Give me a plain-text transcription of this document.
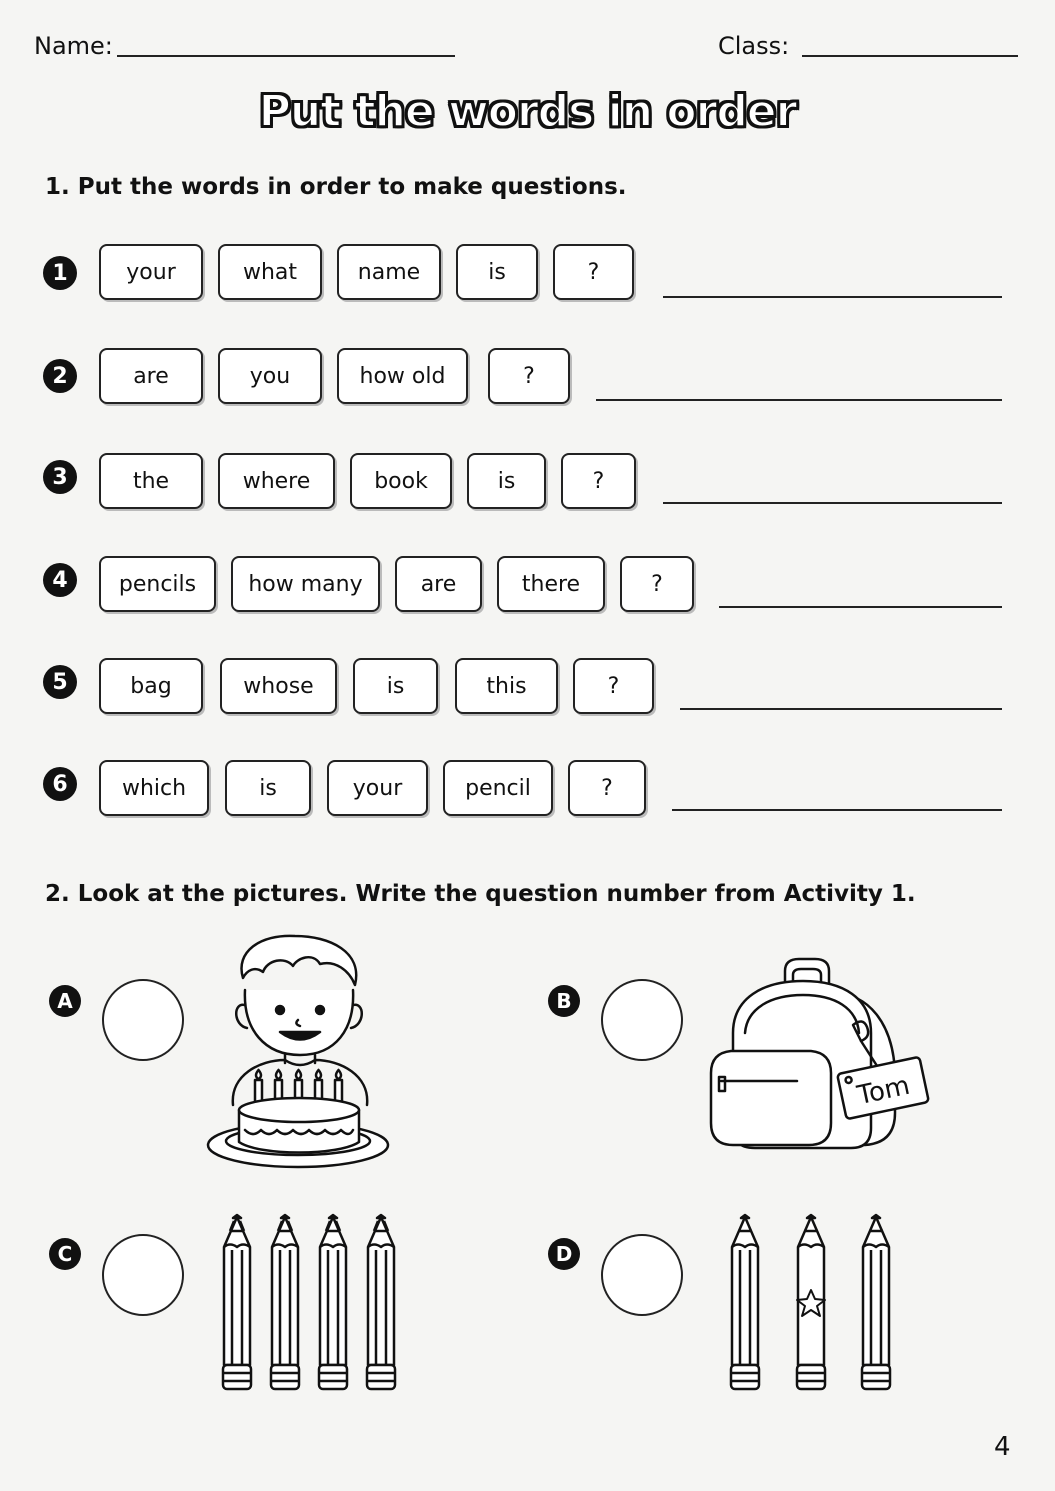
Name:	Class:
Put the words in order
1. Put the words in order to make questions.
1	your	what	name	is	?
2	are	you	how old	?
3	the	where	book	is	?
4	pencils	how many	are	there	?
5	bag	whose	is	this	?
6	which	is	your	pencil	?
2. Look at the pictures. Write the question number from Activity 1.
A	B
Tom
C	D
4
